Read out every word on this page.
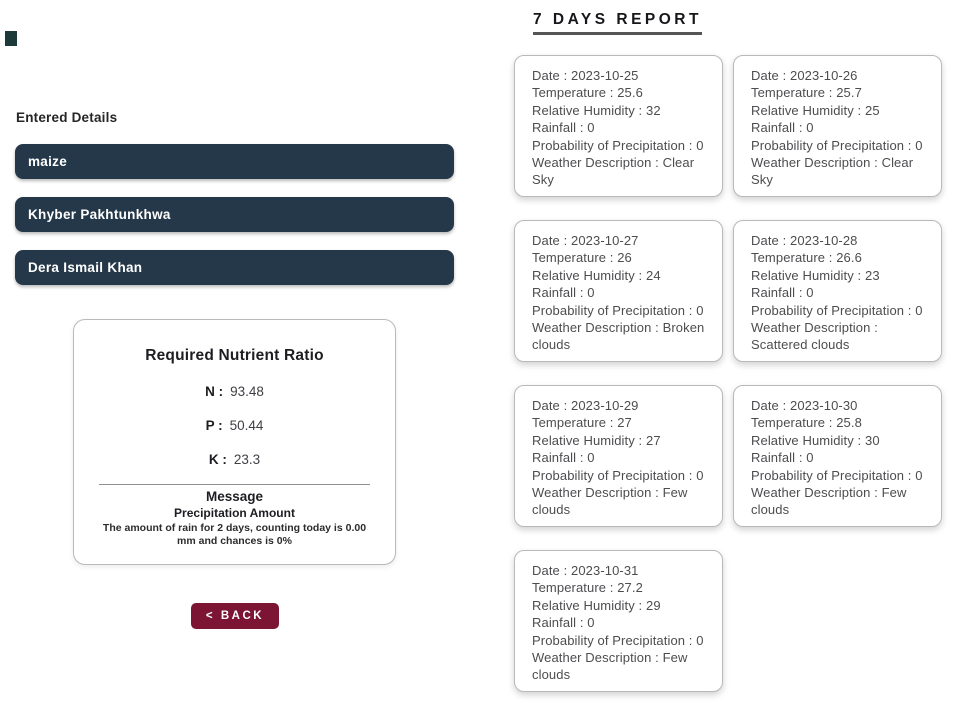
Entered Details
maize
Khyber Pakhtunkhwa
Dera Ismail Khan
Required Nutrient Ratio
N : 93.48
P : 50.44
K : 23.3
Message
Precipitation Amount
The amount of rain for 2 days, counting today is 0.00 mm and chances is 0%
< BACK
7 DAYS REPORT
Date : 2023-10-25
Temperature : 25.6
Relative Humidity : 32
Rainfall : 0
Probability of Precipitation : 0
Weather Description : Clear Sky
Date : 2023-10-26
Temperature : 25.7
Relative Humidity : 25
Rainfall : 0
Probability of Precipitation : 0
Weather Description : Clear Sky
Date : 2023-10-27
Temperature : 26
Relative Humidity : 24
Rainfall : 0
Probability of Precipitation : 0
Weather Description : Broken clouds
Date : 2023-10-28
Temperature : 26.6
Relative Humidity : 23
Rainfall : 0
Probability of Precipitation : 0
Weather Description : Scattered clouds
Date : 2023-10-29
Temperature : 27
Relative Humidity : 27
Rainfall : 0
Probability of Precipitation : 0
Weather Description : Few clouds
Date : 2023-10-30
Temperature : 25.8
Relative Humidity : 30
Rainfall : 0
Probability of Precipitation : 0
Weather Description : Few clouds
Date : 2023-10-31
Temperature : 27.2
Relative Humidity : 29
Rainfall : 0
Probability of Precipitation : 0
Weather Description : Few clouds
